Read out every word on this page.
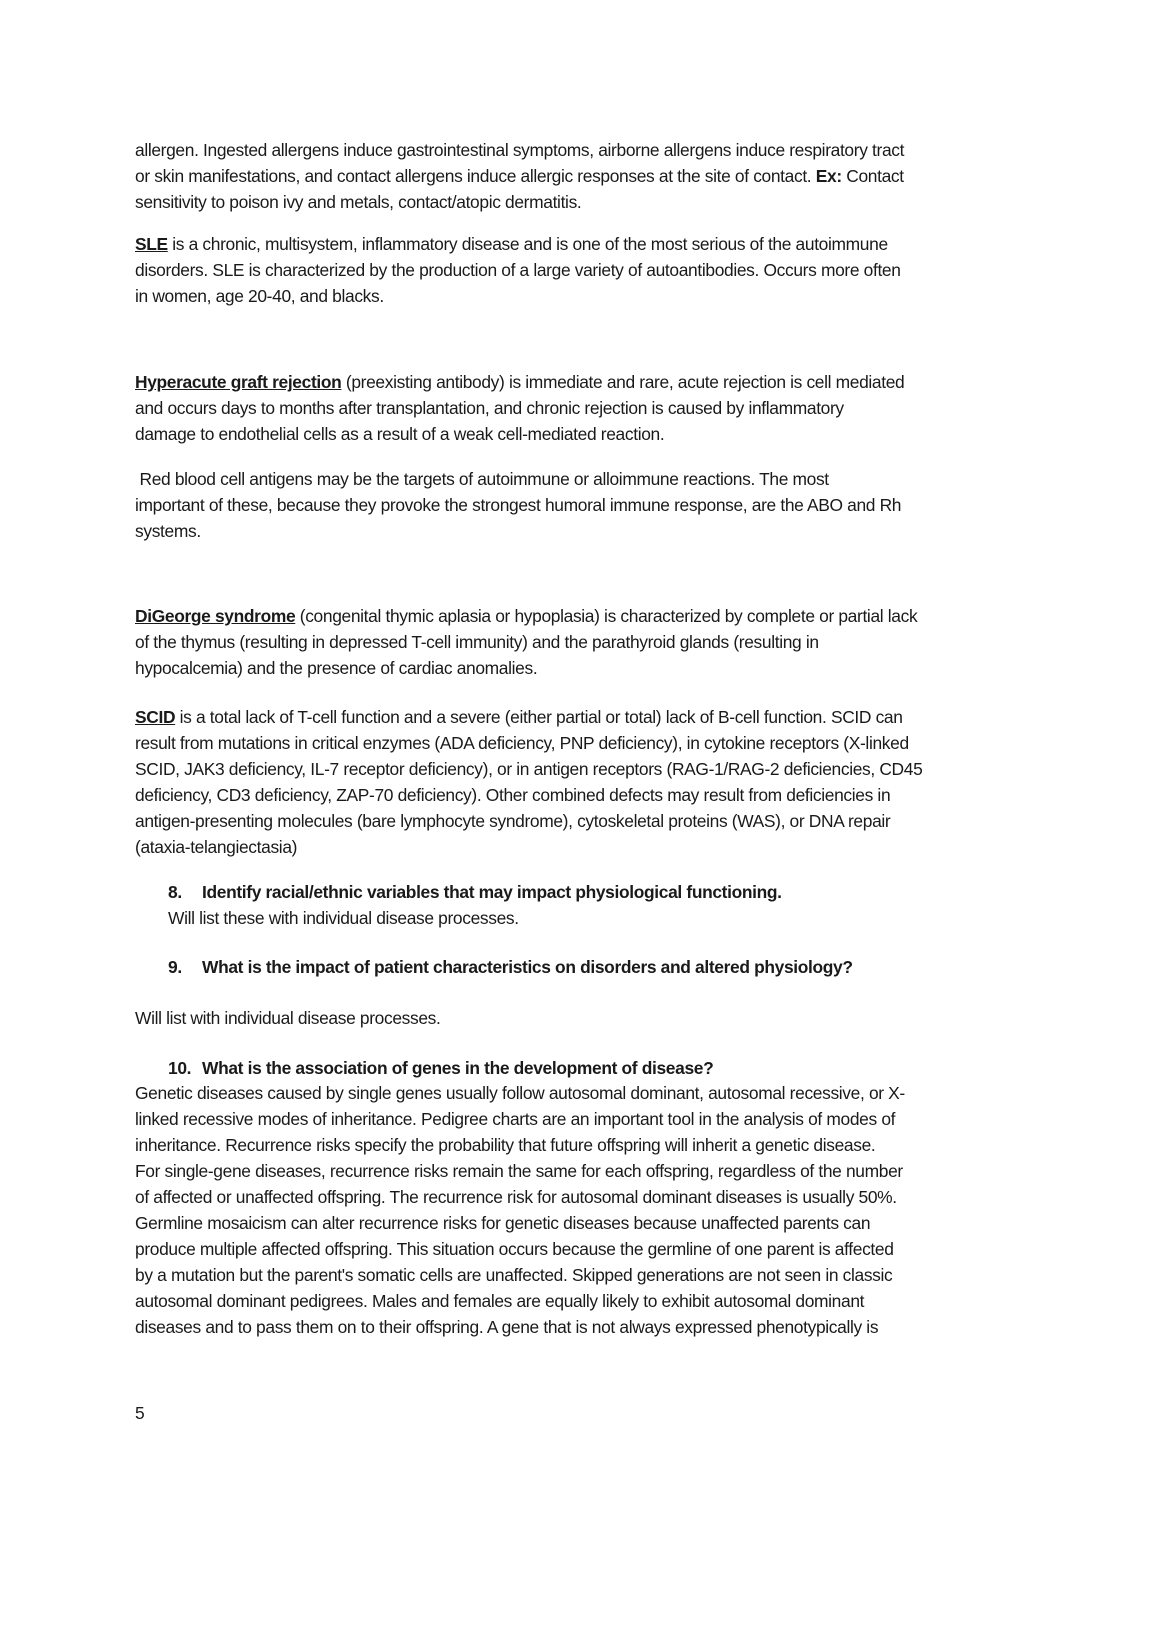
allergen. Ingested allergens induce gastrointestinal symptoms, airborne allergens induce respiratory tract
or skin manifestations, and contact allergens induce allergic responses at the site of contact. Ex: Contact
sensitivity to poison ivy and metals, contact/atopic dermatitis.
SLE is a chronic, multisystem, inflammatory disease and is one of the most serious of the autoimmune
disorders. SLE is characterized by the production of a large variety of autoantibodies. Occurs more often
in women, age 20-40, and blacks.
Hyperacute graft rejection (preexisting antibody) is immediate and rare, acute rejection is cell mediated
and occurs days to months after transplantation, and chronic rejection is caused by inflammatory
damage to endothelial cells as a result of a weak cell-mediated reaction.
Red blood cell antigens may be the targets of autoimmune or alloimmune reactions. The most
important of these, because they provoke the strongest humoral immune response, are the ABO and Rh
systems.
DiGeorge syndrome (congenital thymic aplasia or hypoplasia) is characterized by complete or partial lack
of the thymus (resulting in depressed T-cell immunity) and the parathyroid glands (resulting in
hypocalcemia) and the presence of cardiac anomalies.
SCID is a total lack of T-cell function and a severe (either partial or total) lack of B-cell function. SCID can
result from mutations in critical enzymes (ADA deficiency, PNP deficiency), in cytokine receptors (X-linked
SCID, JAK3 deficiency, IL-7 receptor deficiency), or in antigen receptors (RAG-1/RAG-2 deficiencies, CD45
deficiency, CD3 deficiency, ZAP-70 deficiency). Other combined defects may result from deficiencies in
antigen-presenting molecules (bare lymphocyte syndrome), cytoskeletal proteins (WAS), or DNA repair
(ataxia-telangiectasia)
8. Identify racial/ethnic variables that may impact physiological functioning.
Will list these with individual disease processes.
9. What is the impact of patient characteristics on disorders and altered physiology?
Will list with individual disease processes.
10. What is the association of genes in the development of disease?
Genetic diseases caused by single genes usually follow autosomal dominant, autosomal recessive, or X-
linked recessive modes of inheritance. Pedigree charts are an important tool in the analysis of modes of
inheritance. Recurrence risks specify the probability that future offspring will inherit a genetic disease.
For single-gene diseases, recurrence risks remain the same for each offspring, regardless of the number
of affected or unaffected offspring. The recurrence risk for autosomal dominant diseases is usually 50%.
Germline mosaicism can alter recurrence risks for genetic diseases because unaffected parents can
produce multiple affected offspring. This situation occurs because the germline of one parent is affected
by a mutation but the parent's somatic cells are unaffected. Skipped generations are not seen in classic
autosomal dominant pedigrees. Males and females are equally likely to exhibit autosomal dominant
diseases and to pass them on to their offspring. A gene that is not always expressed phenotypically is
5
